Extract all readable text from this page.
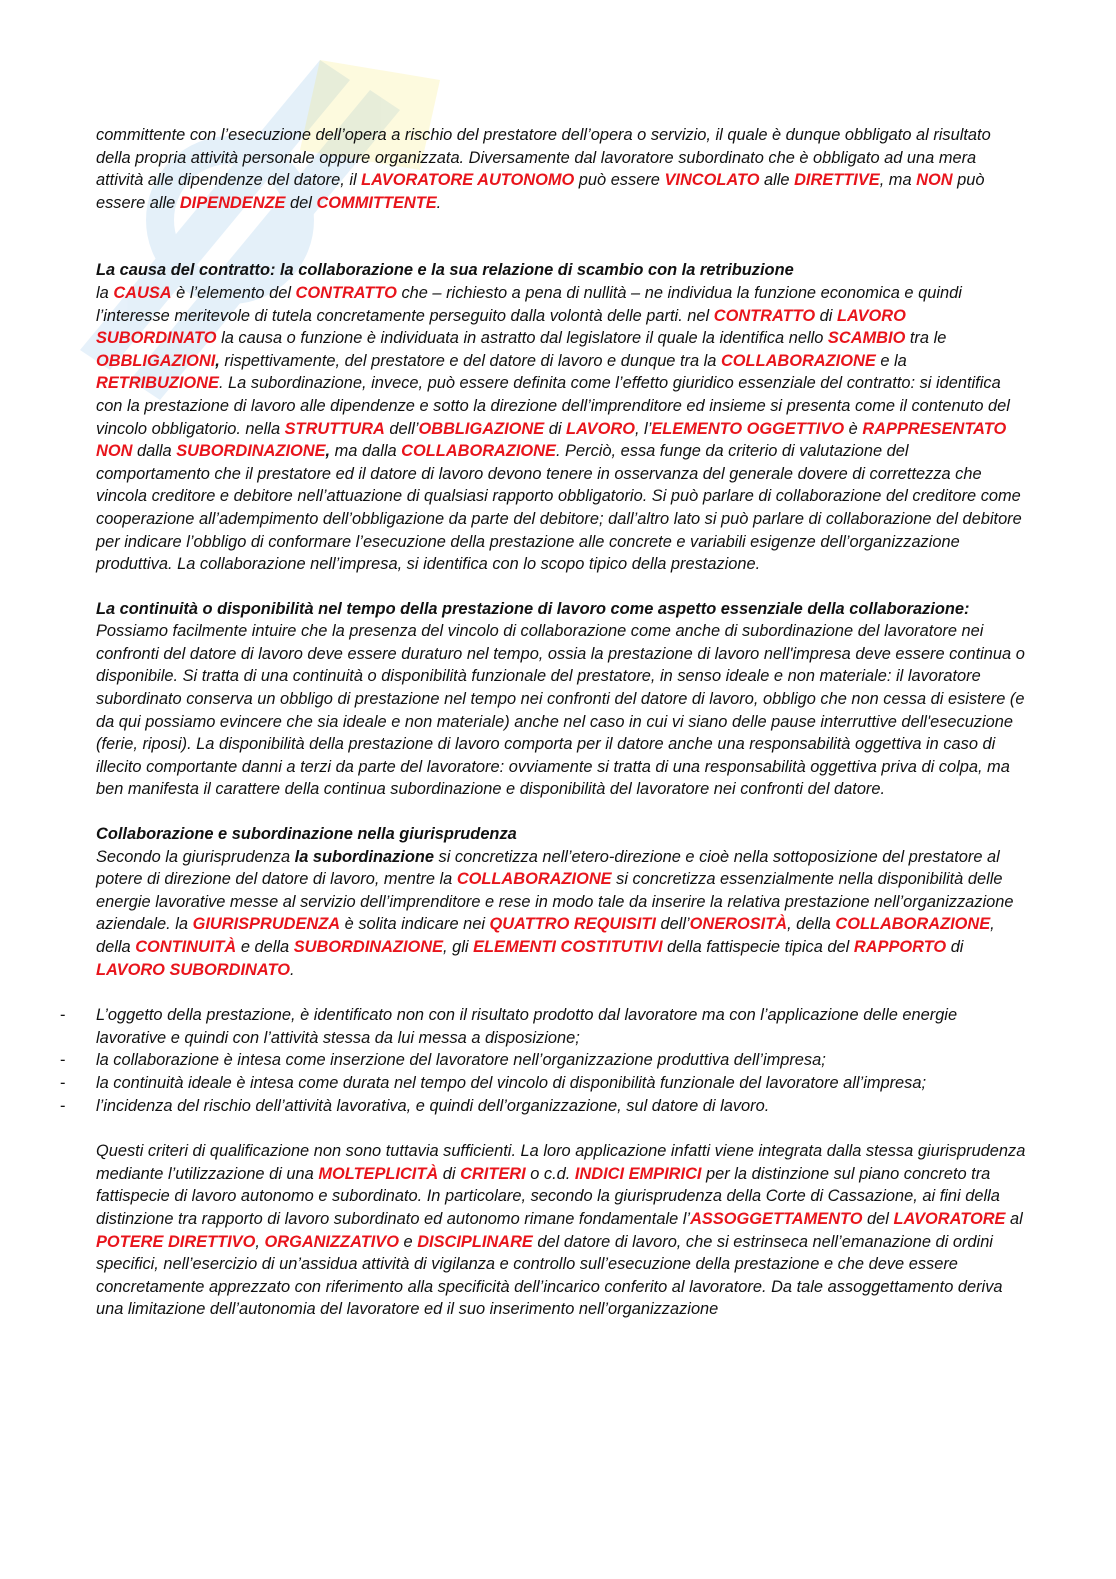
committente con l’esecuzione dell’opera a rischio del prestatore dell’opera o servizio, il quale è dunque obbligato al risultato della propria attività personale oppure organizzata. Diversamente dal lavoratore subordinato che è obbligato ad una mera attività alle dipendenze del datore, il LAVORATORE AUTONOMO può essere VINCOLATO alle DIRETTIVE, ma NON può essere alle DIPENDENZE del COMMITTENTE.

La causa del contratto: la collaborazione e la sua relazione di scambio con la retribuzione

la CAUSA è l’elemento del CONTRATTO che – richiesto a pena di nullità – ne individua la funzione economica e quindi l’interesse meritevole di tutela concretamente perseguito dalla volontà delle parti. nel CONTRATTO di LAVORO SUBORDINATO la causa o funzione è individuata in astratto dal legislatore il quale la identifica nello SCAMBIO tra le OBBLIGAZIONI, rispettivamente, del prestatore e del datore di lavoro e dunque tra la COLLABORAZIONE e la RETRIBUZIONE. La subordinazione, invece, può essere definita come l’effetto giuridico essenziale del contratto: si identifica con la prestazione di lavoro alle dipendenze e sotto la direzione dell’imprenditore ed insieme si presenta come il contenuto del vincolo obbligatorio. nella STRUTTURA dell’OBBLIGAZIONE di LAVORO, l’ELEMENTO OGGETTIVO è RAPPRESENTATO NON dalla SUBORDINAZIONE, ma dalla COLLABORAZIONE. Perciò, essa funge da criterio di valutazione del comportamento che il prestatore ed il datore di lavoro devono tenere in osservanza del generale dovere di correttezza che vincola creditore e debitore nell’attuazione di qualsiasi rapporto obbligatorio. Si può parlare di collaborazione del creditore come cooperazione all’adempimento dell’obbligazione da parte del debitore; dall’altro lato si può parlare di collaborazione del debitore per indicare l’obbligo di conformare l’esecuzione della prestazione alle concrete e variabili esigenze dell’organizzazione produttiva. La collaborazione nell’impresa, si identifica con lo scopo tipico della prestazione.

La continuità o disponibilità nel tempo della prestazione di lavoro come aspetto essenziale della collaborazione: Possiamo facilmente intuire che la presenza del vincolo di collaborazione come anche di subordinazione del lavoratore nei confronti del datore di lavoro deve essere duraturo nel tempo, ossia la prestazione di lavoro nell'impresa deve essere continua o disponibile. Si tratta di una continuità o disponibilità funzionale del prestatore, in senso ideale e non materiale: il lavoratore subordinato conserva un obbligo di prestazione nel tempo nei confronti del datore di lavoro, obbligo che non cessa di esistere (e da qui possiamo evincere che sia ideale e non materiale) anche nel caso in cui vi siano delle pause interruttive dell'esecuzione (ferie, riposi). La disponibilità della prestazione di lavoro comporta per il datore anche una responsabilità oggettiva in caso di illecito comportante danni a terzi da parte del lavoratore: ovviamente si tratta di una responsabilità oggettiva priva di colpa, ma ben manifesta il carattere della continua subordinazione e disponibilità del lavoratore nei confronti del datore.

Collaborazione e subordinazione nella giurisprudenza

Secondo la giurisprudenza la subordinazione si concretizza nell’etero-direzione e cioè nella sottoposizione del prestatore al potere di direzione del datore di lavoro, mentre la COLLABORAZIONE si concretizza essenzialmente nella disponibilità delle energie lavorative messe al servizio dell’imprenditore e rese in modo tale da inserire la relativa prestazione nell’organizzazione aziendale. la GIURISPRUDENZA è solita indicare nei QUATTRO REQUISITI dell’ONEROSITÀ, della COLLABORAZIONE, della CONTINUITÀ e della SUBORDINAZIONE, gli ELEMENTI COSTITUTIVI della fattispecie tipica del RAPPORTO di LAVORO SUBORDINATO.

- L’oggetto della prestazione, è identificato non con il risultato prodotto dal lavoratore ma con l’applicazione delle energie lavorative e quindi con l’attività stessa da lui messa a disposizione;
- la collaborazione è intesa come inserzione del lavoratore nell’organizzazione produttiva dell’impresa;
- la continuità ideale è intesa come durata nel tempo del vincolo di disponibilità funzionale del lavoratore all’impresa;
- l’incidenza del rischio dell’attività lavorativa, e quindi dell’organizzazione, sul datore di lavoro.

Questi criteri di qualificazione non sono tuttavia sufficienti. La loro applicazione infatti viene integrata dalla stessa giurisprudenza mediante l’utilizzazione di una MOLTEPLICITÀ di CRITERI o c.d. INDICI EMPIRICI per la distinzione sul piano concreto tra fattispecie di lavoro autonomo e subordinato. In particolare, secondo la giurisprudenza della Corte di Cassazione, ai fini della distinzione tra rapporto di lavoro subordinato ed autonomo rimane fondamentale l’ASSOGGETTAMENTO del LAVORATORE al POTERE DIRETTIVO, ORGANIZZATIVO e DISCIPLINARE del datore di lavoro, che si estrinseca nell’emanazione di ordini specifici, nell’esercizio di un’assidua attività di vigilanza e controllo sull’esecuzione della prestazione e che deve essere concretamente apprezzato con riferimento alla specificità dell’incarico conferito al lavoratore. Da tale assoggettamento deriva una limitazione dell’autonomia del lavoratore ed il suo inserimento nell’organizzazione
